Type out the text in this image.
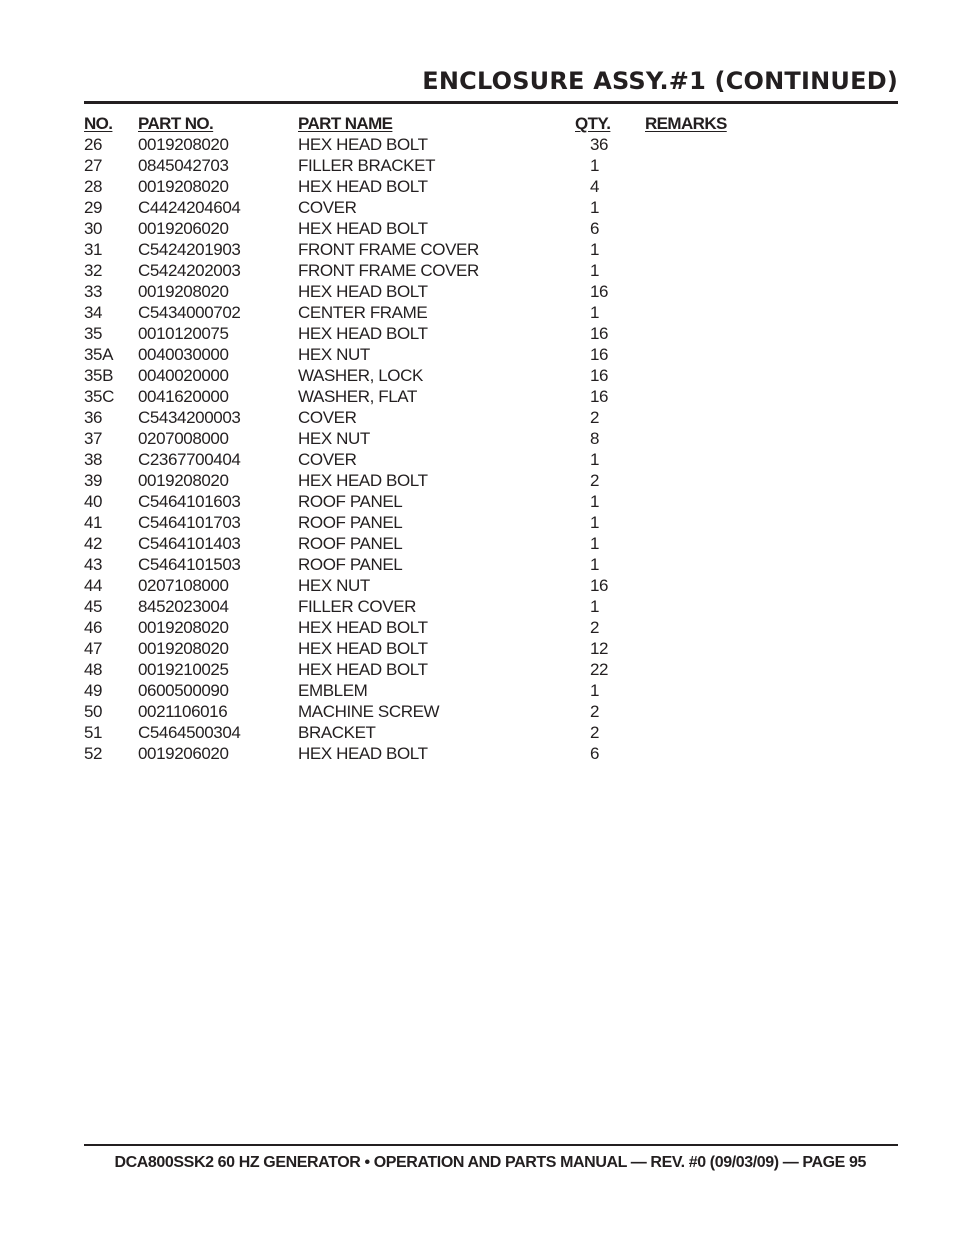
ENCLOSURE ASSY.#1 (CONTINUED)
NO. PART NO.	PART NAME	QTY. REMARKS
26 0019208020	HEX HEAD BOLT	36
27 0845042703	FILLER BRACKET	1
28 0019208020	HEX HEAD BOLT	4
29 C4424204604	COVER	1
30 0019206020	HEX HEAD BOLT	6
31 C5424201903	FRONT FRAME COVER	1
32 C5424202003	FRONT FRAME COVER	1
33 0019208020	HEX HEAD BOLT	16
34 C5434000702	CENTER FRAME	1
35 0010120075	HEX HEAD BOLT	16
35A 0040030000	HEX NUT	16
35B 0040020000	WASHER, LOCK	16
35C 0041620000	WASHER, FLAT	16
36 C5434200003	COVER	2
37 0207008000	HEX NUT	8
38 C2367700404	COVER	1
39 0019208020	HEX HEAD BOLT	2
40 C5464101603	ROOF PANEL	1
41 C5464101703	ROOF PANEL	1
42 C5464101403	ROOF PANEL	1
43 C5464101503	ROOF PANEL	1
44 0207108000	HEX NUT	16
45 8452023004	FILLER COVER	1
46 0019208020	HEX HEAD BOLT	2
47 0019208020	HEX HEAD BOLT	12
48 0019210025	HEX HEAD BOLT	22
49 0600500090	EMBLEM	1
50 0021106016	MACHINE SCREW	2
51 C5464500304	BRACKET	2
52 0019206020	HEX HEAD BOLT	6
DCA800SSK2 60 HZ GENERATOR • OPERATION AND PARTS MANUAL — REV. #0 (09/03/09) — PAGE 95
